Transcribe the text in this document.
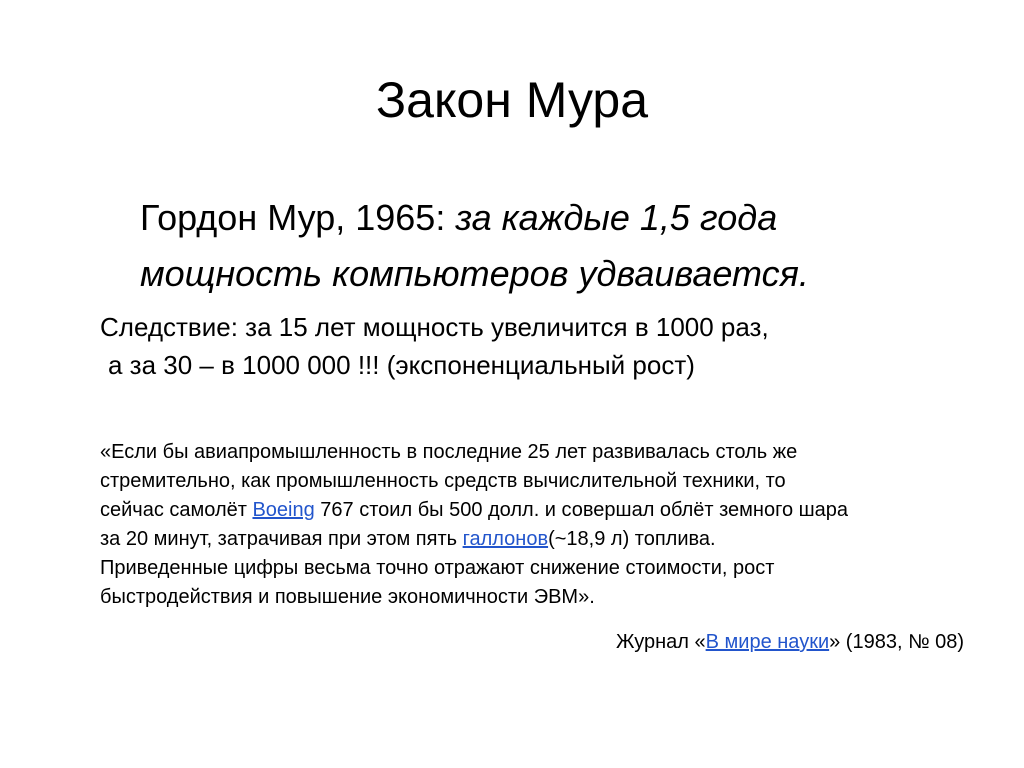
Закон Мура
Гордон Мур, 1965: за каждые 1,5 года
мощность компьютеров удваивается.
Следствие: за 15 лет мощность увеличится в 1000 раз,
а за 30 – в 1000 000 !!! (экспоненциальный рост)
«Если бы авиапромышленность в последние 25 лет развивалась столь же
стремительно, как промышленность средств вычислительной техники, то
сейчас самолёт Boeing 767 стоил бы 500 долл. и совершал облёт земного шара
за 20 минут, затрачивая при этом пять галлонов(~18,9 л) топлива.
Приведенные цифры весьма точно отражают снижение стоимости, рост
быстродействия и повышение экономичности ЭВМ».
Журнал «В мире науки» (1983, № 08)
